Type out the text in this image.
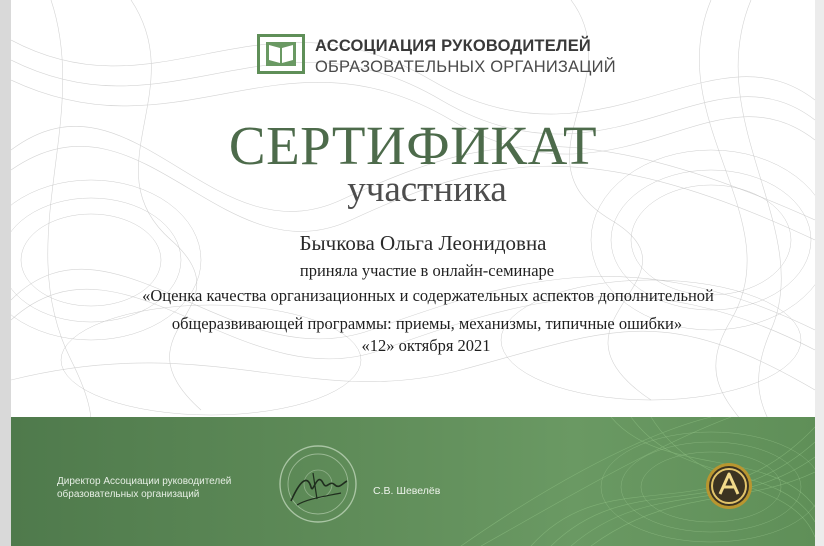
АССОЦИАЦИЯ РУКОВОДИТЕЛЕЙ
ОБРАЗОВАТЕЛЬНЫХ ОРГАНИЗАЦИЙ
СЕРТИФИКАТ
участника
Бычкова Ольга Леонидовна
приняла участие в онлайн-семинаре
«Оценка качества организационных и содержательных аспектов дополнительной
общеразвивающей программы: приемы, механизмы, типичные ошибки»
«12» октября 2021
Директор Ассоциации руководителей
образовательных организаций	С.В. Шевелёв
